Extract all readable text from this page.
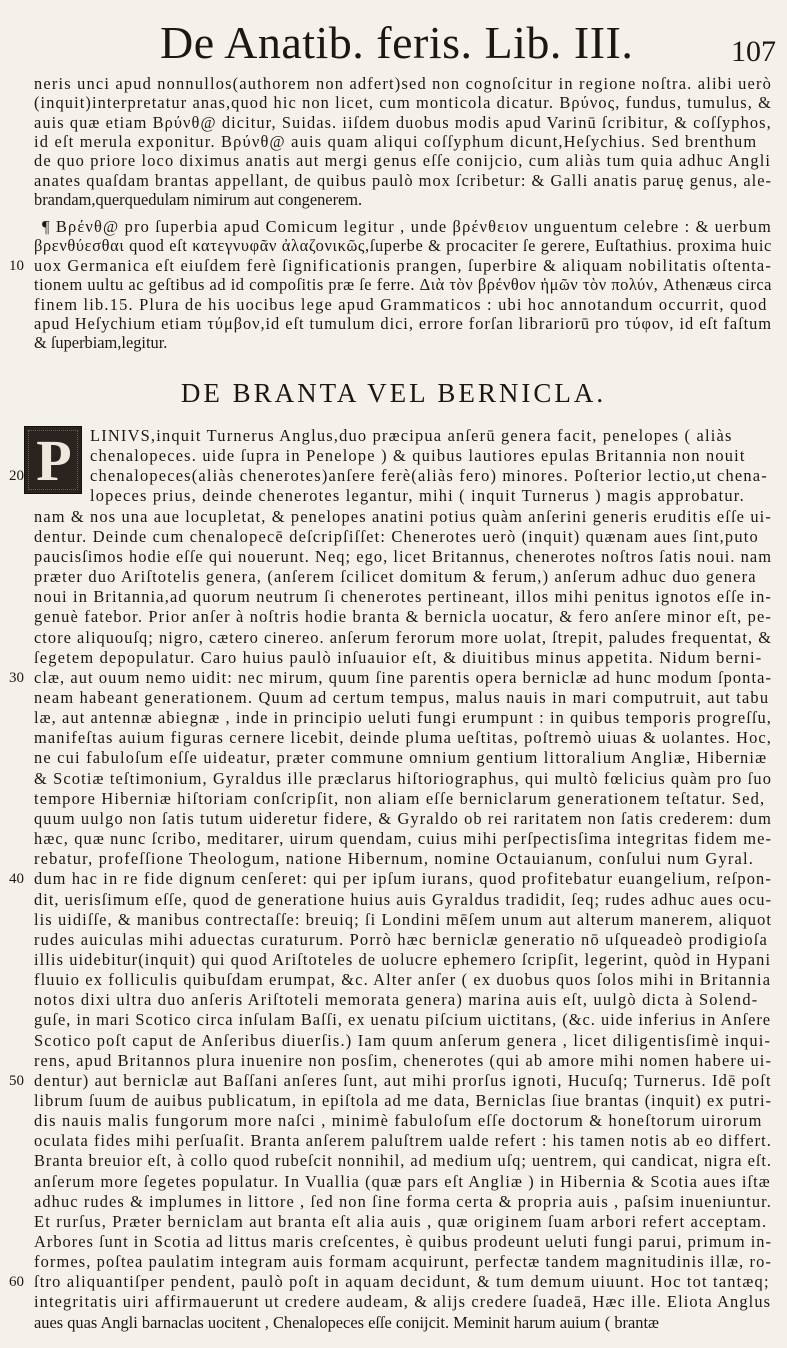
De Anatib. feris. Lib. III.	107
neris unci apud nonnullos(authorem non adfert)sed non cognoſcitur in regione noſtra. alibi uerò
(inquit)interpretatur anas,quod hic non licet, cum monticola dicatur. Βρύνος, fundus, tumulus, &
auis quæ etiam Βρύνθ@ dicitur, Suidas. iiſdem duobus modis apud Varinū ſcribitur, & coſſyphos,
id eſt merula exponitur. Βρύνθ@ auis quam aliqui coſſyphum dicunt,Heſychius. Sed brenthum
de quo priore loco diximus anatis aut mergi genus eſſe conijcio, cum aliàs tum quia adhuc Angli
anates quaſdam brantas appellant, de quibus paulò mox ſcribetur: & Galli anatis paruę genus, ale-
brandam,querquedulam nimirum aut congenerem.
¶ Βρένθ@ pro ſuperbia apud Comicum legitur , unde βρένθειον unguentum celebre : & uerbum
βρενθύεσθαι quod eſt κατεγνυφᾶν ἀλαζονικῶς,ſuperbe & procaciter ſe gerere, Euſtathius. proxima huic
10 uox Germanica eſt eiuſdem ferè ſignificationis prangen, ſuperbire & aliquam nobilitatis oſtenta-
tionem uultu ac geſtibus ad id compoſitis præ ſe ferre. Διὰ τὸν βρένθον ἡμῶν τὸν πολύν, Athenæus circa
finem lib.15. Plura de his uocibus lege apud Grammaticos : ubi hoc annotandum occurrit, quod
apud Heſychium etiam τύμβον,id eſt tumulum dici, errore forſan librariorū pro τύφον, id eſt faſtum
& ſuperbiam,legitur.
LINIVS,inquit Turnerus Anglus,duo præcipua anſerū genera facit, penelopes ( aliàs
chenalopeces. uide ſupra in Penelope ) & quibus lautiores epulas Britannia non nouit
20	chenalopeces(aliàs chenerotes)anſere ferè(aliàs fero) minores. Poſterior lectio,ut chena-
lopeces prius, deinde chenerotes legantur, mihi ( inquit Turnerus ) magis approbatur.
nam & nos una aue locupletat, & penelopes anatini potius quàm anſerini generis eruditis eſſe ui-
dentur. Deinde cum chenalopecē deſcripſiſſet: Chenerotes uerò (inquit) quænam aues ſint,puto
paucisſimos hodie eſſe qui nouerunt. Neq; ego, licet Britannus, chenerotes noſtros ſatis noui. nam
præter duo Ariſtotelis genera, (anſerem ſcilicet domitum & ferum,) anſerum adhuc duo genera
noui in Britannia,ad quorum neutrum ſi chenerotes pertineant, illos mihi penitus ignotos eſſe in-
genuè fatebor. Prior anſer à noſtris hodie branta & bernicla uocatur, & fero anſere minor eſt, pe-
ctore aliquouſq; nigro, cætero cinereo. anſerum ferorum more uolat, ſtrepit, paludes frequentat, &
ſegetem depopulatur. Caro huius paulò inſuauior eſt, & diuitibus minus appetita. Nidum berni-
30 clæ, aut ouum nemo uidit: nec mirum, quum ſine parentis opera berniclæ ad hunc modum ſponta-
neam habeant generationem. Quum ad certum tempus, malus nauis in mari computruit, aut tabu
læ, aut antennæ abiegnæ , inde in principio ueluti fungi erumpunt : in quibus temporis progreſſu,
manifeſtas auium figuras cernere licebit, deinde pluma ueſtitas, poſtremò uiuas & uolantes. Hoc,
ne cui fabuloſum eſſe uideatur, præter commune omnium gentium littoralium Angliæ, Hiberniæ
& Scotiæ teſtimonium, Gyraldus ille præclarus hiſtoriographus, qui multò fœlicius quàm pro ſuo
tempore Hiberniæ hiſtoriam conſcripſit, non aliam eſſe berniclarum generationem teſtatur. Sed,
quum uulgo non ſatis tutum uideretur fidere, & Gyraldo ob rei raritatem non ſatis crederem: dum
hæc, quæ nunc ſcribo, meditarer, uirum quendam, cuius mihi perſpectisſima integritas fidem me-
rebatur, profeſſione Theologum, natione Hibernum, nomine Octauianum, conſului num Gyral.
40 dum hac in re fide dignum cenſeret: qui per ipſum iurans, quod profitebatur euangelium, reſpon-
dit, uerisſimum eſſe, quod de generatione huius auis Gyraldus tradidit, ſeq; rudes adhuc aues ocu-
lis uidiſſe, & manibus contrectaſſe: breuiq; ſi Londini mēſem unum aut alterum manerem, aliquot
rudes auiculas mihi aduectas curaturum. Porrò hæc berniclæ generatio nō uſqueadeò prodigioſa
illis uidebitur(inquit) qui quod Ariſtoteles de uolucre ephemero ſcripſit, legerint, quòd in Hypani
fluuio ex folliculis quibuſdam erumpat, &c. Alter anſer ( ex duobus quos ſolos mihi in Britannia
notos dixi ultra duo anſeris Ariſtoteli memorata genera) marina auis eſt, uulgò dicta à Solend-
guſe, in mari Scotico circa inſulam Baſſi, ex uenatu piſcium uictitans, (&c. uide inferius in Anſere
Scotico poſt caput de Anſeribus diuerſis.) Iam quum anſerum genera , licet diligentisſimè inqui-
rens, apud Britannos plura inuenire non posſim, chenerotes (qui ab amore mihi nomen habere ui-
50 dentur) aut berniclæ aut Baſſani anſeres ſunt, aut mihi prorſus ignoti, Hucuſq; Turnerus. Idē poſt
librum ſuum de auibus publicatum, in epiſtola ad me data, Berniclas ſiue brantas (inquit) ex putri-
dis nauis malis fungorum more naſci , minimè fabuloſum eſſe doctorum & honeſtorum uirorum
oculata fides mihi perſuaſit. Branta anſerem paluſtrem ualde refert : his tamen notis ab eo differt.
Branta breuior eſt, à collo quod rubeſcit nonnihil, ad medium uſq; uentrem, qui candicat, nigra eſt.
anſerum more ſegetes populatur. In Vuallia (quæ pars eſt Angliæ ) in Hibernia & Scotia aues iſtæ
adhuc rudes & implumes in littore , ſed non ſine forma certa & propria auis , paſsim inueniuntur.
Et rurſus, Præter berniclam aut branta eſt alia auis , quæ originem ſuam arbori refert acceptam.
Arbores ſunt in Scotia ad littus maris creſcentes, è quibus prodeunt ueluti fungi parui, primum in-
formes, poſtea paulatim integram auis formam acquirunt, perfectæ tandem magnitudinis illæ, ro-
60 ſtro aliquantiſper pendent, paulò poſt in aquam decidunt, & tum demum uiuunt. Hoc tot tantæq;
integritatis uiri affirmauerunt ut credere audeam, & alijs credere ſuadeā, Hæc ille. Eliota Anglus
aues quas Angli barnaclas uocitent , Chenalopeces eſſe conijcit. Meminit harum auium ( brantæ
DE BRANTA VEL BERNICLA.
P
